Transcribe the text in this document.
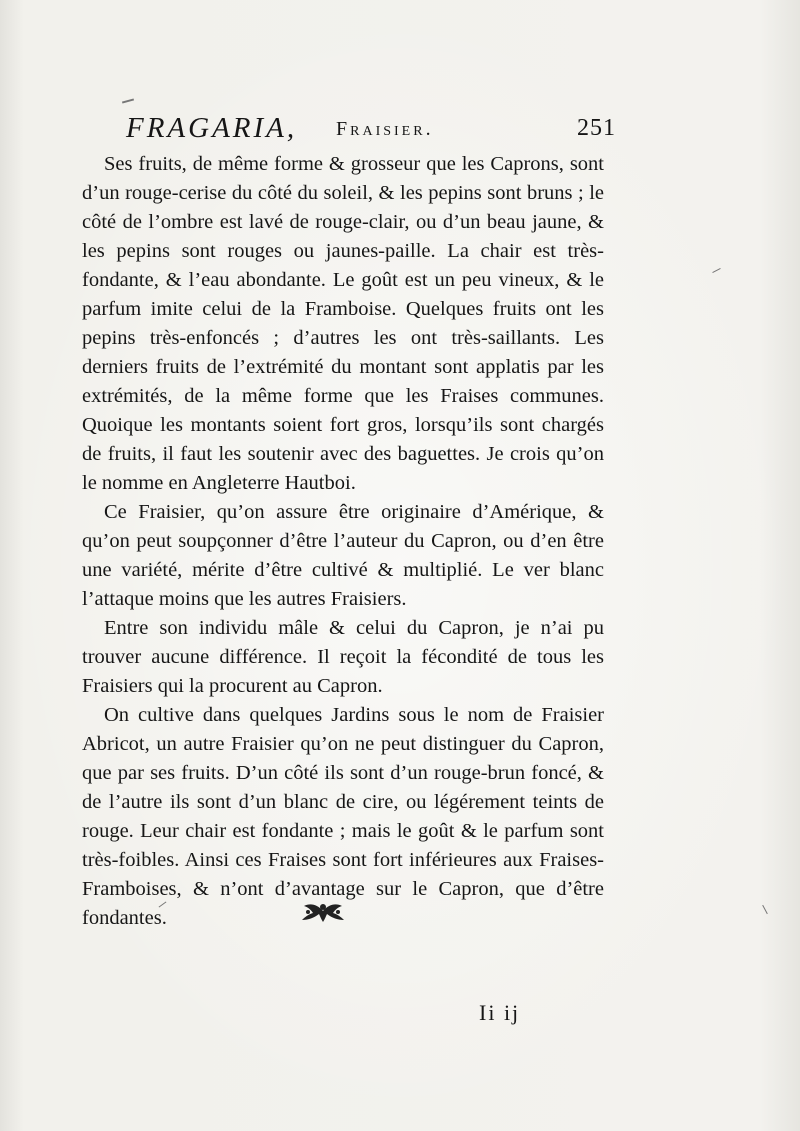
FRAGARIA, Fraisier.	251

Ses fruits, de même forme & grosseur que les Caprons, sont d’un rouge-cerise du côté du soleil, & les pepins sont bruns ; le côté de l’ombre est lavé de rouge-clair, ou d’un beau jaune, & les pepins sont rouges ou jaunes-paille. La chair est très-fondante, & l’eau abondante. Le goût est un peu vineux, & le parfum imite celui de la Framboise. Quelques fruits ont les pepins très-enfoncés ; d’autres les ont très-saillants. Les derniers fruits de l’extrémité du montant sont applatis par les extrémités, de la même forme que les Fraises communes. Quoique les montants soient fort gros, lorsqu’ils sont chargés de fruits, il faut les soutenir avec des baguettes. Je crois qu’on le nomme en Angleterre Hautboi.

Ce Fraisier, qu’on assure être originaire d’Amérique, & qu’on peut soupçonner d’être l’auteur du Capron, ou d’en être une variété, mérite d’être cultivé & multiplié. Le ver blanc l’attaque moins que les autres Fraisiers.

Entre son individu mâle & celui du Capron, je n’ai pu trouver aucune différence. Il reçoit la fécondité de tous les Fraisiers qui la procurent au Capron.

On cultive dans quelques Jardins sous le nom de Fraisier Abricot, un autre Fraisier qu’on ne peut distinguer du Capron, que par ses fruits. D’un côté ils sont d’un rouge-brun foncé, & de l’autre ils sont d’un blanc de cire, ou légérement teints de rouge. Leur chair est fondante ; mais le goût & le parfum sont très-foibles. Ainsi ces Fraises sont fort inférieures aux Fraises-Framboises, & n’ont d’avantage sur le Capron, que d’être fondantes.

Ii ij
